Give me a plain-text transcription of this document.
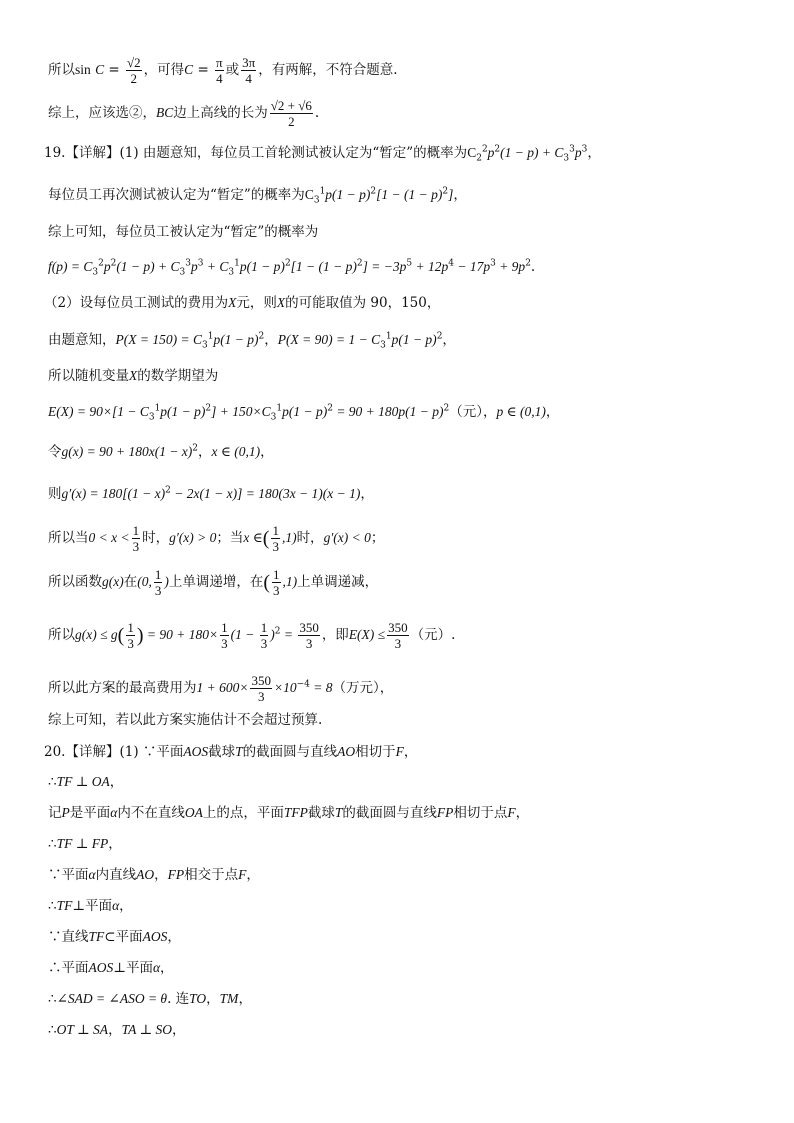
所以$\sin C = \frac{√2}{2}$ ，可得$C = \frac{\pi}{4}$ 或 $\frac{3\pi}{4}$ ，有两解，不符合题意.
综上，应该选②，BC边上高线的长为 $\frac{√2 + √6}{2}$ .
19.【详解】(1) 由题意知，每位员工首轮测试被认定为“暂定”的概率为$C_2^2p^2(1 - p) + C_3^3p^3$，
每位员工再次测试被认定为“暂定”的概率为$C_3^1p(1 - p)^2[1 - (1 - p)^2]$，
综上可知，每位员工被认定为“暂定”的概率为
$f(p) = C_3^2p^2(1 - p) + C_3^3p^3 + C_3^1p(1 - p)^2[1 - (1 - p)^2] = -3p^5 + 12p^4 - 17p^3 + 9p^2$.
（2）设每位员工测试的费用为X元，则X的可能取值为 90，150，
由题意知，$P(X = 150) = C_3^1p(1 - p)^2$，$P(X = 90) = 1 - C_3^1p(1 - p)^2$，
所以随机变量X的数学期望为
$E(X) = 90\times[1 - C_3^1p(1 - p)^2] + 150\times C_3^1p(1 - p)^2 = 90 + 180p(1 - p)^2$（元），p ∈ (0,1)，
令$g(x) = 90 + 180x(1 - x)^2$，x ∈ (0,1)，
则$g'(x) = 180[(1 - x)^2 - 2x(1 - x)] = 180(3x - 1)(x - 1)$，
所以当$0 < x < \frac{1}{3}$ 时，g′(x) > 0；当x ∈( $\frac{1}{3} ,1$)时，g′(x) < 0；
所以函数g(x)在(0, $\frac{1}{3}$ )上单调递增，在( $\frac{1}{3} ,1$)上单调递减，
所以$g(x) \le g( \frac{1}{3}$ ) = $90 + 180\times \frac{1}{3} (1 - \frac{1}{3} )^2 = \frac{350}{3}$ ，即$E(X) \le \frac{350}{3}$ （元）.
所以此方案的最高费用为$1 + 600\times \frac{350}{3} \times 10^{-4} = 8$（万元），
综上可知，若以此方案实施估计不会超过预算.
20.【详解】(1) ∵平面AOS截球T的截面圆与直线AO相切于F，
∴TF ⊥ OA，
记P是平面α内不在直线OA上的点，平面TFP截球T的截面圆与直线FP相切于点F，
∴TF ⊥ FP，
∵平面α内直线AO，FP相交于点F，
∴TF⊥平面α，
∵直线TF⊂平面AOS，
∴平面AOS⊥平面α，
∴∠SAD = ∠ASO = θ. 连TO，TM，
∴OT ⊥ SA，TA ⊥ SO，
